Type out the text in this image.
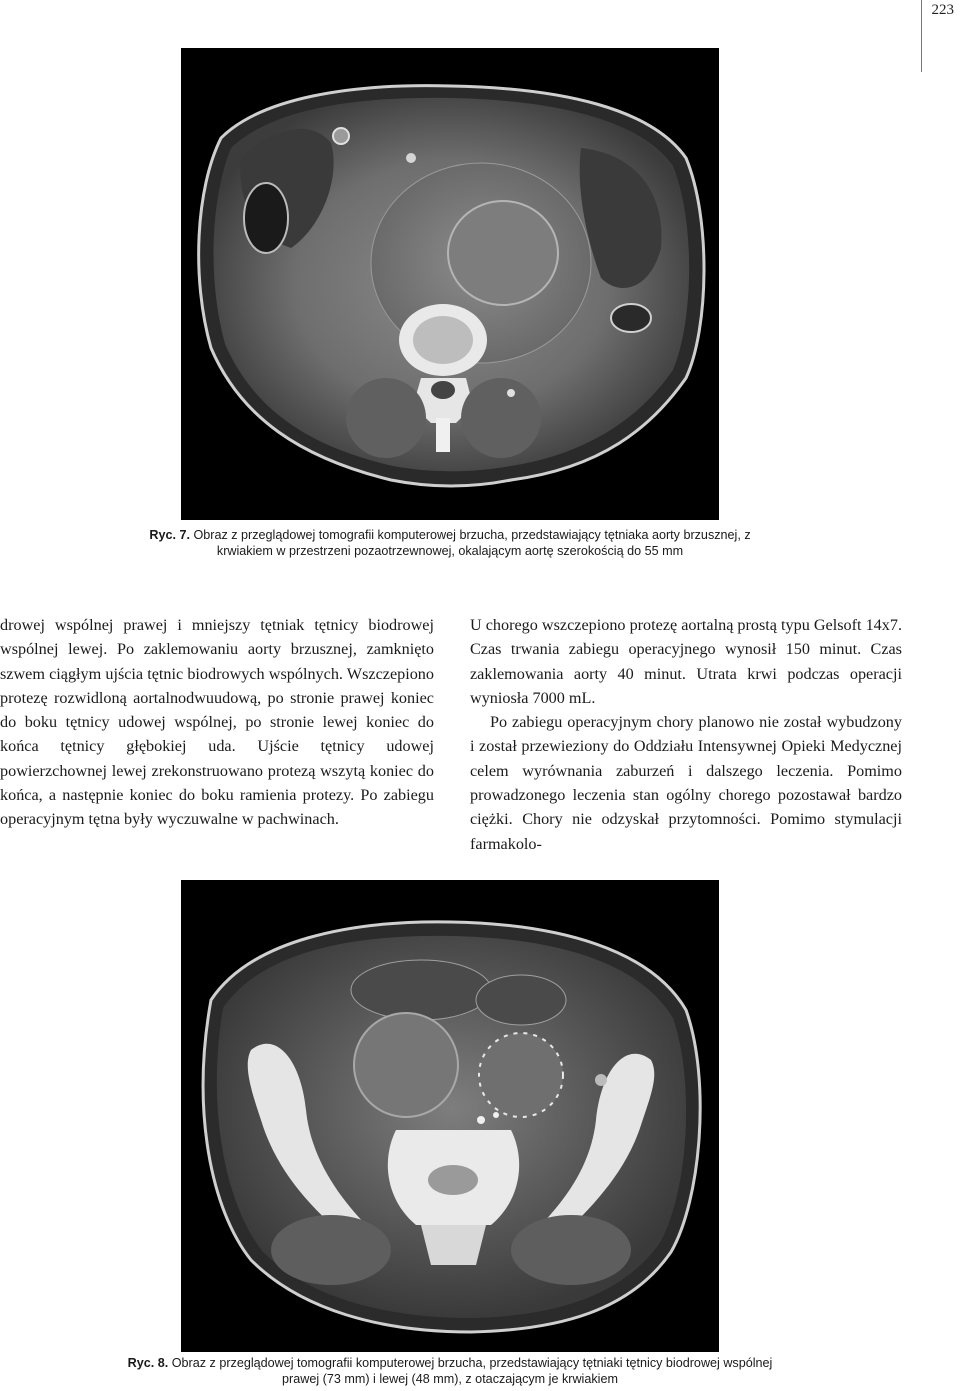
223
Ryc. 7. Obraz z przeglądowej tomografii komputerowej brzucha, przedstawiający tętniaka aorty brzusznej, z krwiakiem w przestrzeni pozaotrzewnowej, okalającym aortę szerokością do 55 mm

drowej wspólnej prawej i mniejszy tętniak tętnicy biodrowej wspólnej lewej. Po zaklemowaniu aorty brzusznej, zamknięto szwem ciągłym ujścia tętnic biodrowych wspólnych. Wszczepiono protezę rozwidloną aortalnodwuudową, po stronie prawej koniec do boku tętnicy udowej wspólnej, po stronie lewej koniec do końca tętnicy głębokiej uda. Ujście tętnicy udowej powierzchownej lewej zrekonstruowano protezą wszytą koniec do końca, a następnie koniec do boku ramienia protezy. Po zabiegu operacyjnym tętna były wyczuwalne w pachwinach.

U chorego wszczepiono protezę aortalną prostą typu Gelsoft 14x7. Czas trwania zabiegu operacyjnego wynosił 150 minut. Czas zaklemowania aorty 40 minut. Utrata krwi podczas operacji wyniosła 7000 mL.

Po zabiegu operacyjnym chory planowo nie został wybudzony i został przewieziony do Oddziału Intensywnej Opieki Medycznej celem wyrównania zaburzeń i dalszego leczenia. Pomimo prowadzonego leczenia stan ogólny chorego pozostawał bardzo ciężki. Chory nie odzyskał przytomności. Pomimo stymulacji farmakolo-

Ryc. 8. Obraz z przeglądowej tomografii komputerowej brzucha, przedstawiający tętniaki tętnicy biodrowej wspólnej prawej (73 mm) i lewej (48 mm), z otaczającym je krwiakiem
